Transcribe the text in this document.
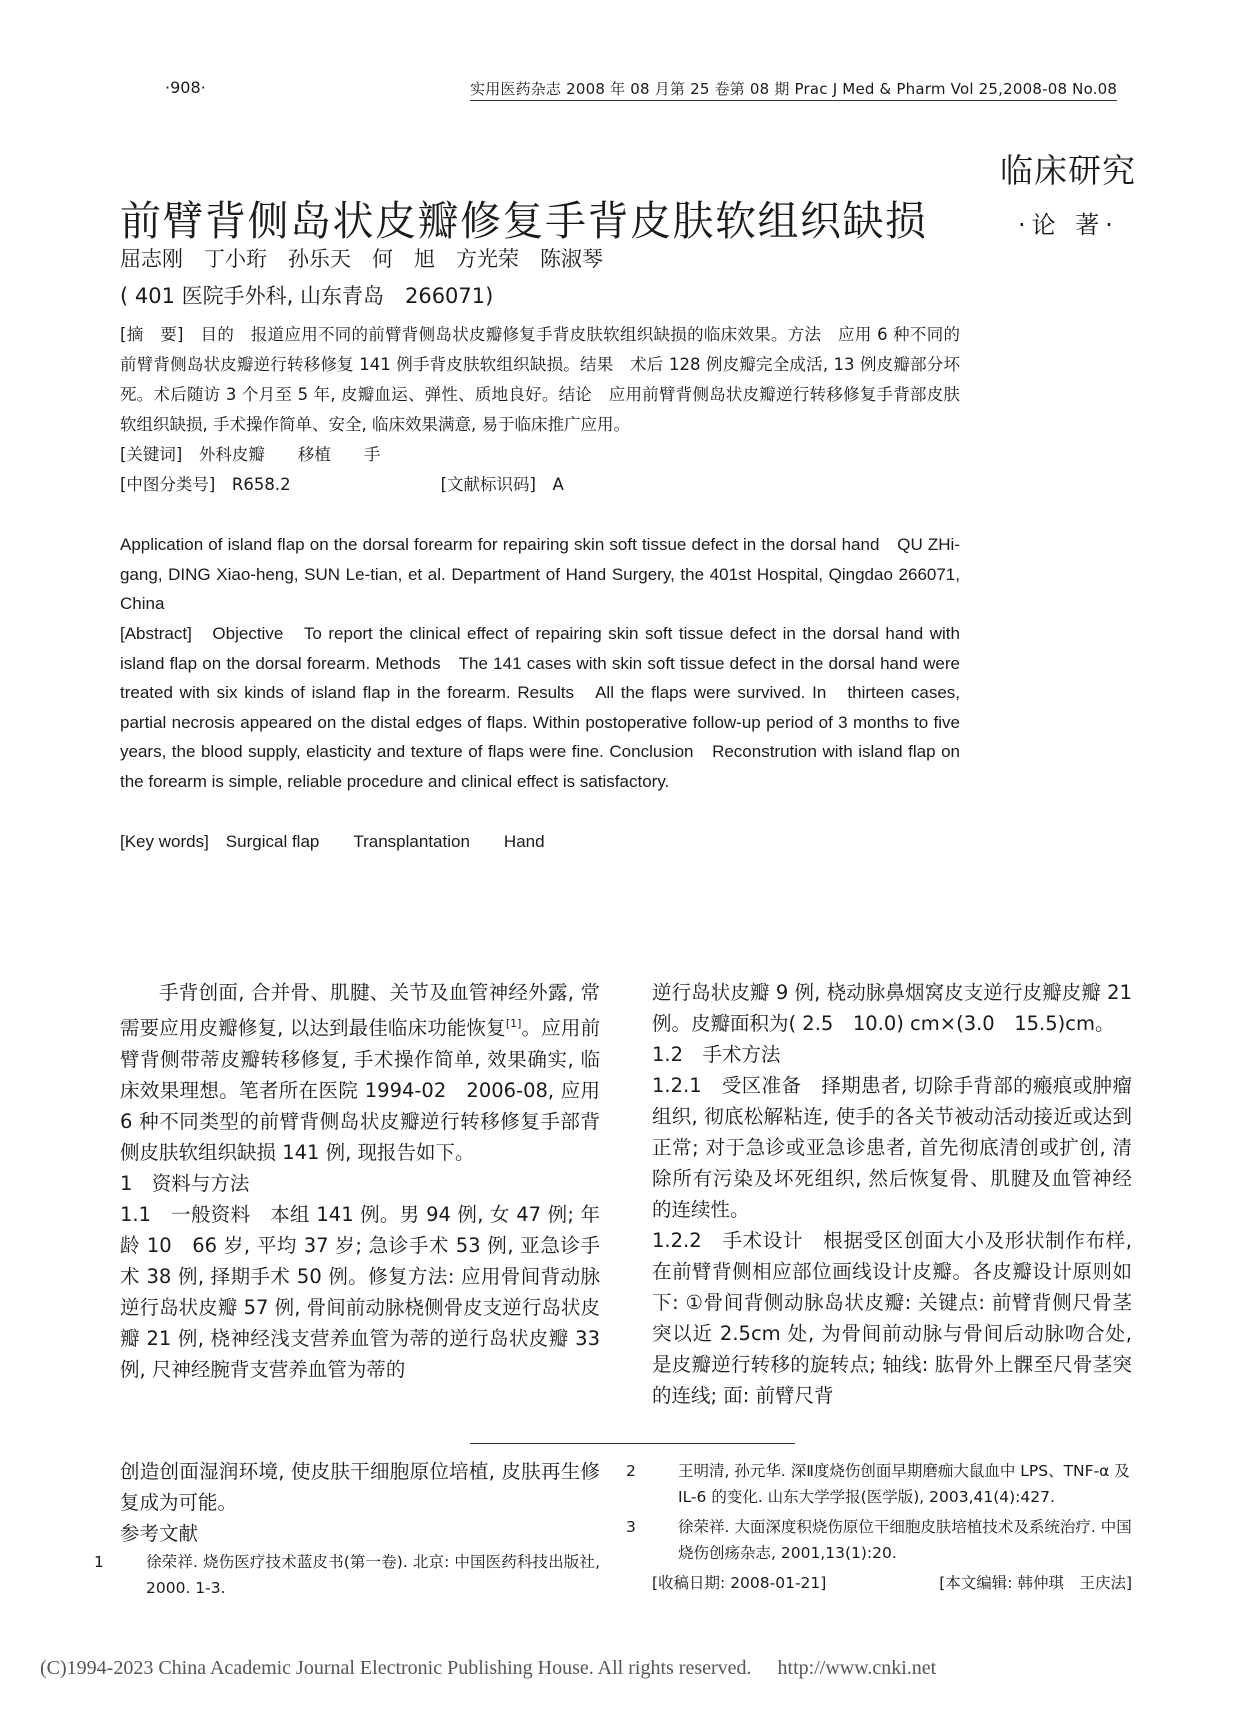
·908·	实用医药杂志 2008 年 08 月第 25 卷第 08 期 Prac J Med & Pharm Vol 25,2008-08 No.08
临床研究
·论 著·
前臂背侧岛状皮瓣修复手背皮肤软组织缺损
屈志刚　丁小珩　孙乐天　何　旭　方光荣　陈淑琴
( 401 医院手外科, 山东青岛　266071)
[摘　要]　目的　报道应用不同的前臂背侧岛状皮瓣修复手背皮肤软组织缺损的临床效果。方法　应用 6 种不同的前臂背侧岛状皮瓣逆行转移修复 141 例手背皮肤软组织缺损。结果　术后 128 例皮瓣完全成活, 13 例皮瓣部分坏死。术后随访 3 个月至 5 年, 皮瓣血运、弹性、质地良好。结论　应用前臂背侧岛状皮瓣逆行转移修复手背部皮肤软组织缺损, 手术操作简单、安全, 临床效果满意, 易于临床推广应用。
[关键词]　外科皮瓣　　移植　　手
[中图分类号]　R658.2	[文献标识码]　A
Application of island flap on the dorsal forearm for repairing skin soft tissue defect in the dorsal hand　QU ZHi-gang, DING Xiao-heng, SUN Le-tian, et al. Department of Hand Surgery, the 401st Hospital, Qingdao 266071, China
[Abstract]　Objective　To report the clinical effect of repairing skin soft tissue defect in the dorsal hand with island flap on the dorsal forearm. Methods　The 141 cases with skin soft tissue defect in the dorsal hand were treated with six kinds of island flap in the forearm. Results　All the flaps were survived. In　thirteen cases, partial necrosis appeared on the distal edges of flaps. Within postoperative follow-up period of 3 months to five years, the blood supply, elasticity and texture of flaps were fine. Conclusion　Reconstrution with island flap on the forearm is simple, reliable procedure and clinical effect is satisfactory.
[Key words]　Surgical flap　　Transplantation　　Hand

手背创面, 合并骨、肌腱、关节及血管神经外露, 常需要应用皮瓣修复, 以达到最佳临床功能恢复[1]。应用前臂背侧带蒂皮瓣转移修复, 手术操作简单, 效果确实, 临床效果理想。笔者所在医院 1994-02　2006-08, 应用 6 种不同类型的前臂背侧岛状皮瓣逆行转移修复手部背侧皮肤软组织缺损 141 例, 现报告如下。

1　资料与方法

1.1　一般资料　本组 141 例。男 94 例, 女 47 例; 年龄 10　66 岁, 平均 37 岁; 急诊手术 53 例, 亚急诊手术 38 例, 择期手术 50 例。修复方法: 应用骨间背动脉逆行岛状皮瓣 57 例, 骨间前动脉桡侧骨皮支逆行岛状皮瓣 21 例, 桡神经浅支营养血管为蒂的逆行岛状皮瓣 33 例, 尺神经腕背支营养血管为蒂的

逆行岛状皮瓣 9 例, 桡动脉鼻烟窝皮支逆行皮瓣皮瓣 21 例。皮瓣面积为( 2.5　10.0) cm×(3.0　15.5)cm。

1.2　手术方法

1.2.1　受区准备　择期患者, 切除手背部的瘢痕或肿瘤组织, 彻底松解粘连, 使手的各关节被动活动接近或达到正常; 对于急诊或亚急诊患者, 首先彻底清创或扩创, 清除所有污染及坏死组织, 然后恢复骨、肌腱及血管神经的连续性。

1.2.2　手术设计　根据受区创面大小及形状制作布样, 在前臂背侧相应部位画线设计皮瓣。各皮瓣设计原则如下: ①骨间背侧动脉岛状皮瓣: 关键点: 前臂背侧尺骨茎突以近 2.5cm 处, 为骨间前动脉与骨间后动脉吻合处, 是皮瓣逆行转移的旋转点; 轴线: 肱骨外上髁至尺骨茎突的连线; 面: 前臂尺背

创造创面湿润环境, 使皮肤干细胞原位培植, 皮肤再生修复成为可能。

参考文献

1	徐荣祥. 烧伤医疗技术蓝皮书(第一卷). 北京: 中国医药科技出版社, 2000. 1-3.
2	王明清, 孙元华. 深Ⅱ度烧伤创面早期磨痂大鼠血中 LPS、TNF-α 及 IL-6 的变化. 山东大学学报(医学版), 2003,41(4):427.
3	徐荣祥. 大面深度积烧伤原位干细胞皮肤培植技术及系统治疗. 中国烧伤创疡杂志, 2001,13(1):20.
[收稿日期: 2008-01-21]	[本文编辑: 韩仲琪　王庆法]
(C)1994-2023 China Academic Journal Electronic Publishing House. All rights reserved. http://www.cnki.net
